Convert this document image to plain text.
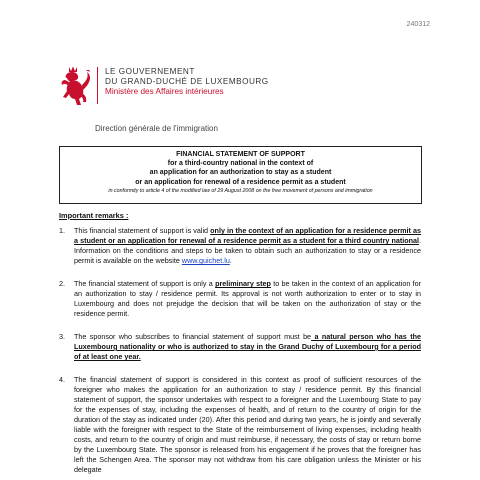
240312
LE GOUVERNEMENT
DU GRAND-DUCHÉ DE LUXEMBOURG
Ministère des Affaires intérieures
Direction générale de l'immigration
FINANCIAL STATEMENT OF SUPPORT
for a third-country national in the context of
an application for an authorization to stay as a student
or an application for renewal of a residence permit as a student
in conformity to article 4 of the modified law of 29 August 2008 on the free movement of persons and immigration
Important remarks :
1. This financial statement of support is valid only in the context of an application for a residence permit as a student or an application for renewal of a residence permit as a student for a third country national. Information on the conditions and steps to be taken to obtain such an authorization to stay or a residence permit is available on the website www.guichet.lu.
2. The financial statement of support is only a preliminary step to be taken in the context of an application for an authorization to stay / residence permit. Its approval is not worth authorization to enter or to stay in Luxembourg and does not prejudge the decision that will be taken on the authorization of stay or the residence permit.
3. The sponsor who subscribes to financial statement of support must be a natural person who has the Luxembourg nationality or who is authorized to stay in the Grand Duchy of Luxembourg for a period of at least one year.
4. The financial statement of support is considered in this context as proof of sufficient resources of the foreigner who makes the application for an authorization to stay / residence permit. By this financial statement of support, the sponsor undertakes with respect to a foreigner and the Luxembourg State to pay for the expenses of stay, including the expenses of health, and of return to the country of origin for the duration of the stay as indicated under (20). After this period and during two years, he is jointly and severally liable with the foreigner with respect to the State of the reimbursement of living expenses, including health costs, and return to the country of origin and must reimburse, if necessary, the costs of stay or return borne by the Luxembourg State. The sponsor is released from his engagement if he proves that the foreigner has left the Schengen Area. The sponsor may not withdraw from his care obligation unless the Minister or his delegate
